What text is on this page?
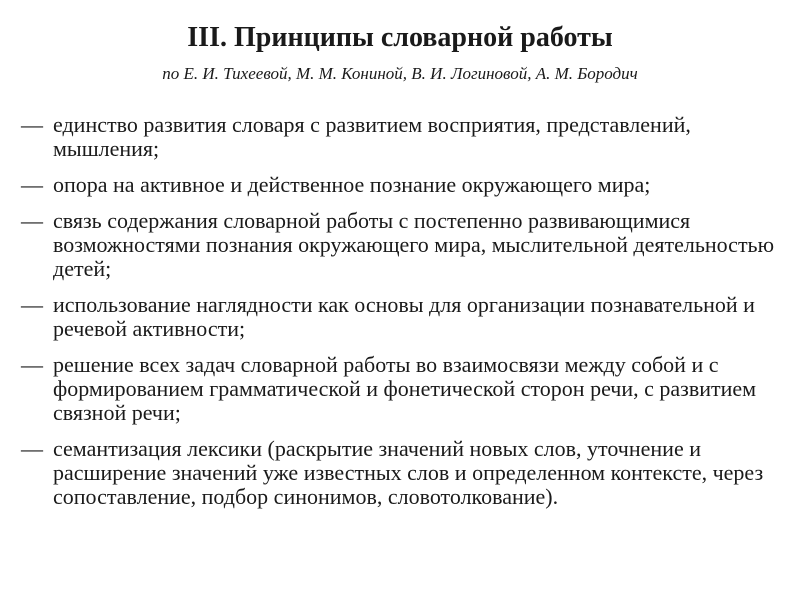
III. Принципы словарной работы

по Е. И. Тихеевой, М. М. Кониной, В. И. Логиновой, А. М. Бородич

— единство развития словаря с развитием восприятия, представлений, мышления;
— опора на активное и действенное познание окружающего мира;
— связь содержания словарной работы с постепенно развивающимися возможностями познания окружающего мира, мыслительной деятельностью детей;
— использование наглядности как основы для организации познавательной и речевой активности;
— решение всех задач словарной работы во взаимосвязи между собой и с формированием грамматической и фонетической сторон речи, с развитием связной речи;
— семантизация лексики (раскрытие значений новых слов, уточнение и расширение значений уже известных слов и определенном контексте, через сопоставление, подбор синонимов, словотолкование).
